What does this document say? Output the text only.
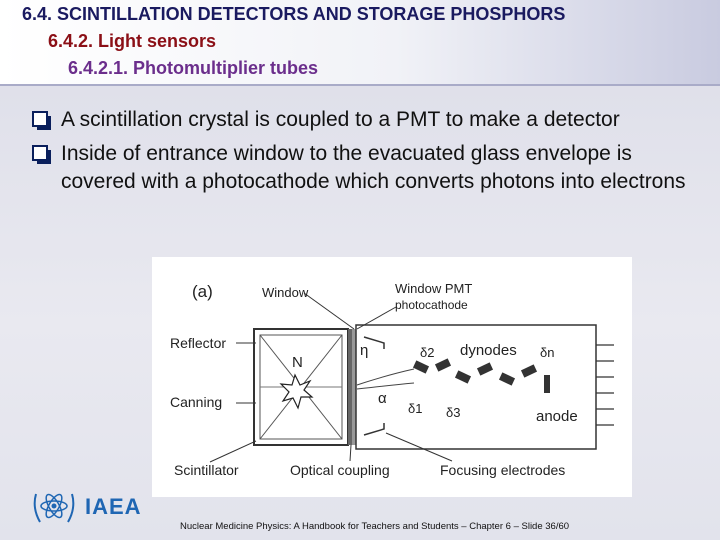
6.4. SCINTILLATION DETECTORS AND STORAGE PHOSPHORS
6.4.2. Light sensors
6.4.2.1. Photomultiplier tubes
A scintillation crystal is coupled to a PMT to make a detector
Inside of entrance window to the evacuated glass envelope is covered with a photocathode which converts photons into electrons
(a)	Window	Window PMT
photocathode
Reflector
Canning
Scintillator	Optical coupling	Focusing electrodes
dynodes
anode
N
η
α
δ1
δ2
δ3
δn
IAEA
Nuclear Medicine Physics: A Handbook for Teachers and Students – Chapter 6 – Slide 36/60
